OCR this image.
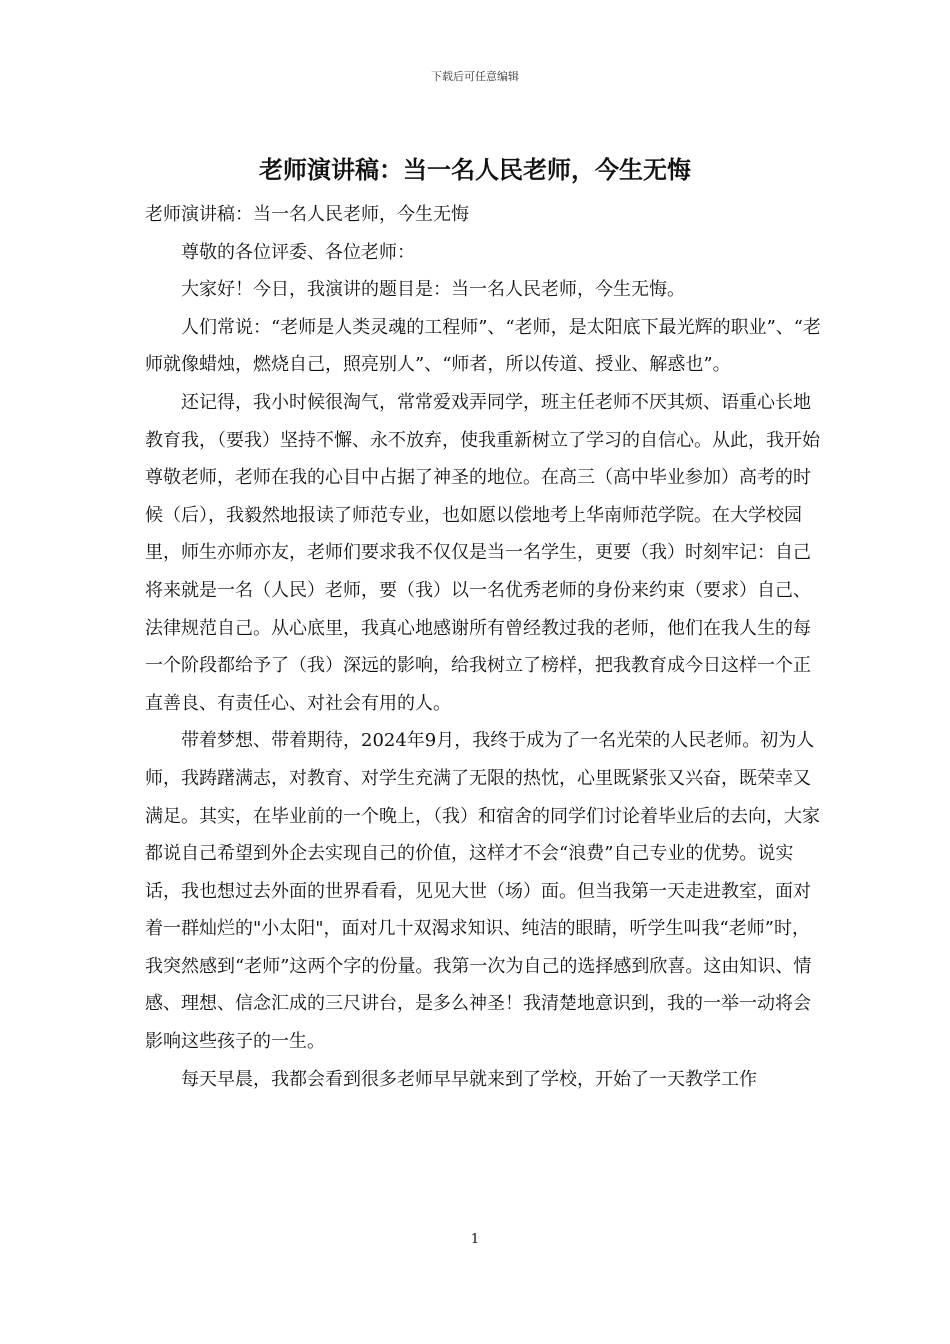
下载后可任意编辑
老师演讲稿：当一名人民老师，今生无悔

老师演讲稿：当一名人民老师，今生无悔

尊敬的各位评委、各位老师：

大家好！今日，我演讲的题目是：当一名人民老师，今生无悔。

人们常说：“老师是人类灵魂的工程师”、“老师，是太阳底下最光辉的职业”、“老师就像蜡烛，燃烧自己，照亮别人”、“师者，所以传道、授业、解惑也”。

还记得，我小时候很淘气，常常爱戏弄同学，班主任老师不厌其烦、语重心长地教育我，（要我）坚持不懈、永不放弃，使我重新树立了学习的自信心。从此，我开始尊敬老师，老师在我的心目中占据了神圣的地位。在高三（高中毕业参加）高考的时候（后），我毅然地报读了师范专业，也如愿以偿地考上华南师范学院。在大学校园里，师生亦师亦友，老师们要求我不仅仅是当一名学生，更要（我）时刻牢记：自己将来就是一名（人民）老师，要（我）以一名优秀老师的身份来约束（要求）自己、法律规范自己。从心底里，我真心地感谢所有曾经教过我的老师，他们在我人生的每一个阶段都给予了（我）深远的影响，给我树立了榜样，把我教育成今日这样一个正直善良、有责任心、对社会有用的人。

带着梦想、带着期待，2024年9月，我终于成为了一名光荣的人民老师。初为人师，我踌躇满志，对教育、对学生充满了无限的热忱，心里既紧张又兴奋，既荣幸又满足。其实，在毕业前的一个晚上，（我）和宿舍的同学们讨论着毕业后的去向，大家都说自己希望到外企去实现自己的价值，这样才不会“浪费”自己专业的优势。说实话，我也想过去外面的世界看看，见见大世（场）面。但当我第一天走进教室，面对着一群灿烂的"小太阳"，面对几十双渴求知识、纯洁的眼睛，听学生叫我“老师”时，我突然感到“老师”这两个字的份量。我第一次为自己的选择感到欣喜。这由知识、情感、理想、信念汇成的三尺讲台，是多么神圣！我清楚地意识到，我的一举一动将会影响这些孩子的一生。

每天早晨，我都会看到很多老师早早就来到了学校，开始了一天教学工作

1
